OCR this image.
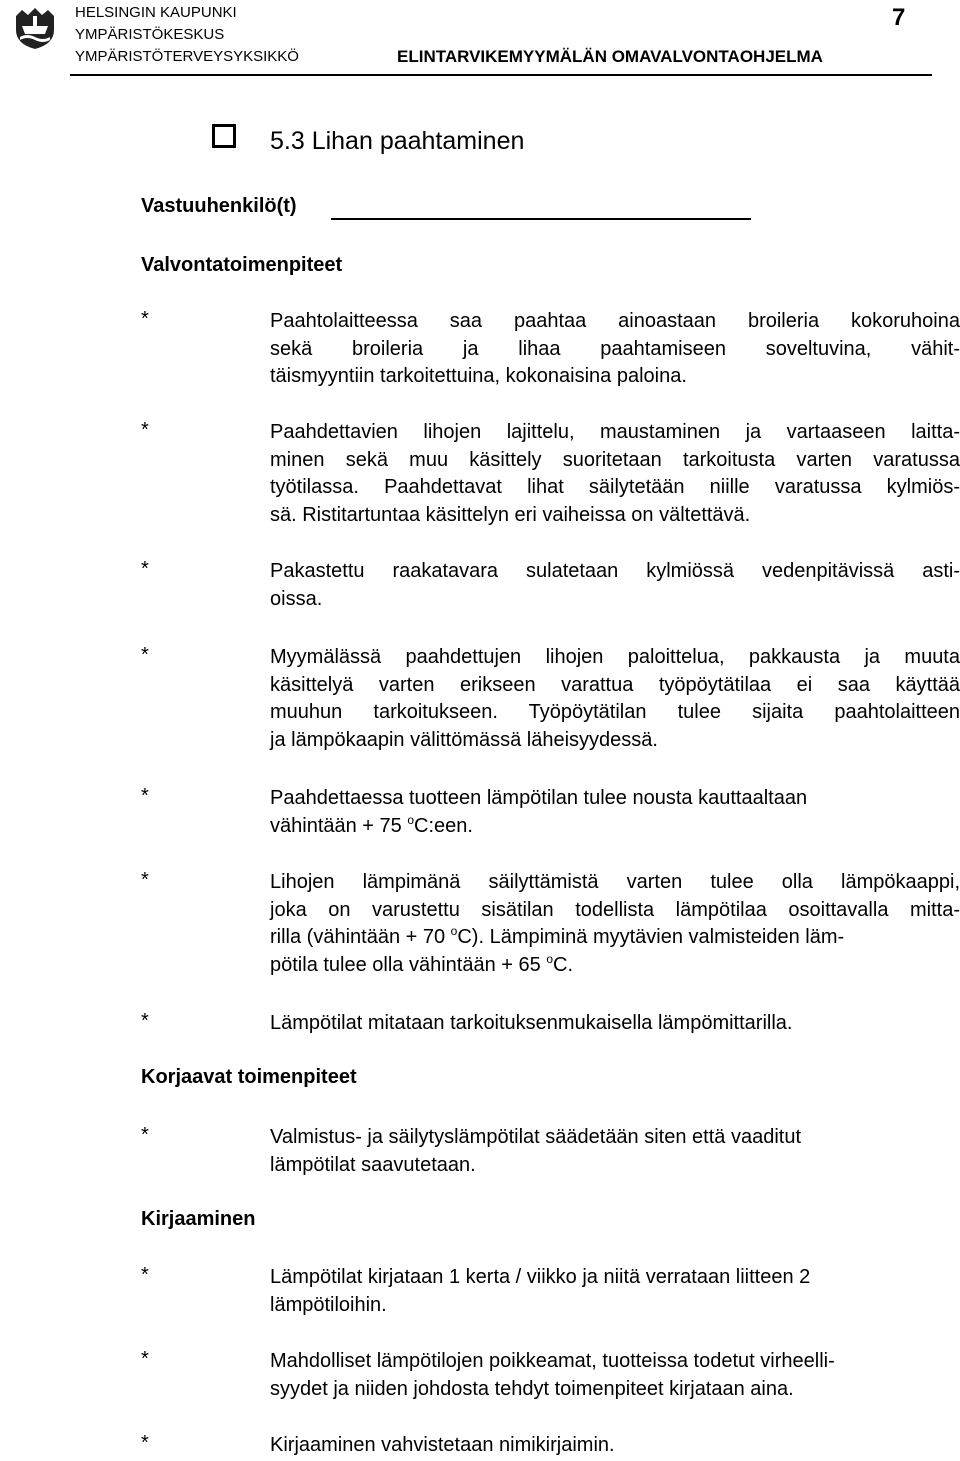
HELSINGIN KAUPUNKI
YMPÄRISTÖKESKUS
YMPÄRISTÖTERVEYSYKSIKKÖ
7
ELINTARVIKEMYYMÄLÄN OMAVALVONTAOHJELMA
5.3 Lihan paahtaminen
Vastuuhenkilö(t)
Valvontatoimenpiteet
*	Paahtolaitteessa saa paahtaa ainoastaan broileria kokoruhoina
sekä broileria ja lihaa paahtamiseen soveltuvina, vähit-
täismyyntiin tarkoitettuina, kokonaisina paloina.
*	Paahdettavien lihojen lajittelu, maustaminen ja vartaaseen laitta-
minen sekä muu käsittely suoritetaan tarkoitusta varten varatussa
työtilassa. Paahdettavat lihat säilytetään niille varatussa kylmiös-
sä. Ristitartuntaa käsittelyn eri vaiheissa on vältettävä.
*	Pakastettu raakatavara sulatetaan kylmiössä vedenpitävissä asti-
oissa.
*	Myymälässä paahdettujen lihojen paloittelua, pakkausta ja muuta
käsittelyä varten erikseen varattua työpöytätilaa ei saa käyttää
muuhun tarkoitukseen. Työpöytätilan tulee sijaita paahtolaitteen
ja lämpökaapin välittömässä läheisyydessä.
*	Paahdettaessa tuotteen lämpötilan tulee nousta kauttaaltaan
vähintään + 75 $^o$C:een.
*	Lihojen lämpimänä säilyttämistä varten tulee olla lämpökaappi,
joka on varustettu sisätilan todellista lämpötilaa osoittavalla mitta-
rilla (vähintään + 70 $^o$C). Lämpiminä myytävien valmisteiden läm-
pötila tulee olla vähintään + 65 $^o$C.
*	Lämpötilat mitataan tarkoituksenmukaisella lämpömittarilla.
Korjaavat toimenpiteet
*	Valmistus- ja säilytyslämpötilat säädetään siten että vaaditut
lämpötilat saavutetaan.
Kirjaaminen
*	Lämpötilat kirjataan 1 kerta / viikko ja niitä verrataan liitteen 2
lämpötiloihin.
*	Mahdolliset lämpötilojen poikkeamat, tuotteissa todetut virheelli-
syydet ja niiden johdosta tehdyt toimenpiteet kirjataan aina.
*	Kirjaaminen vahvistetaan nimikirjaimin.
